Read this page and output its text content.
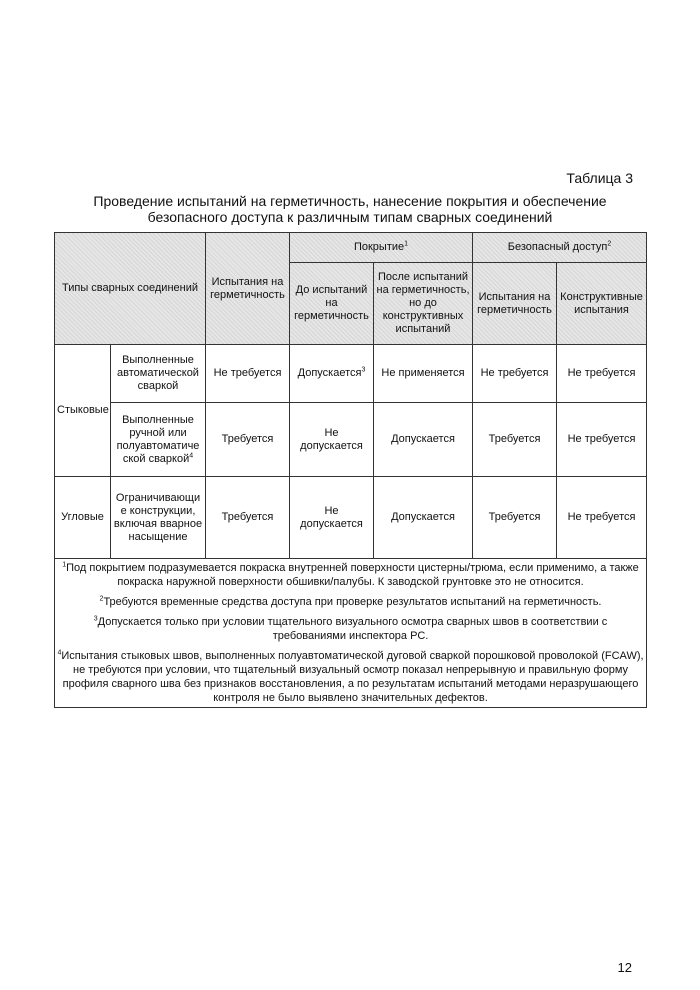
Таблица 3
Проведение испытаний на герметичность, нанесение покрытия и обеспечение
безопасного доступа к различным типам сварных соединений
Типы сварных соединений		Испытания на герметичность	Покрытие$^1$		Безопасный доступ$^2$
			До испытаний на герметичность	После испытаний на герметичность, но до конструктивных испытаний	Испытания на герметичность	Конструктивные испытания
Стыковые	Выполненные автоматической сваркой	Не требуется	Допускается$^3$	Не применяется	Не требуется	Не требуется
	Выполненные ручной или полуавтоматиче ской сваркой$^4$	Требуется	Не допускается	Допускается	Требуется	Не требуется
Угловые	Ограничивающи е конструкции, включая вварное насыщение	Требуется	Не допускается	Допускается	Требуется	Не требуется

$^1$Под покрытием подразумевается покраска внутренней поверхности цистерны/трюма, если применимо, а также покраска наружной поверхности обшивки/палубы. К заводской грунтовке это не относится.
$^2$Требуются временные средства доступа при проверке результатов испытаний на герметичность.
$^3$Допускается только при условии тщательного визуального осмотра сварных швов в соответствии с требованиями инспектора РС.
$^4$Испытания стыковых швов, выполненных полуавтоматической дуговой сваркой порошковой проволокой (FCAW), не требуются при условии, что тщательный визуальный осмотр показал непрерывную и правильную форму профиля сварного шва без признаков восстановления, а по результатам испытаний методами неразрушающего контроля не было выявлено значительных дефектов.						
12
